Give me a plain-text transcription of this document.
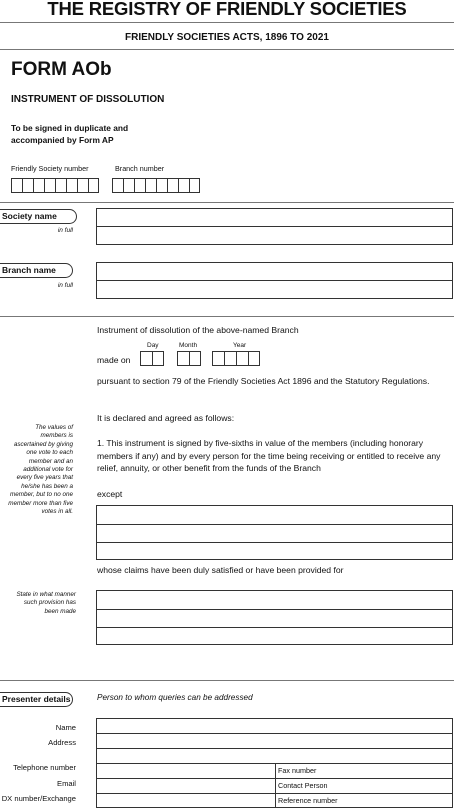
THE REGISTRY OF FRIENDLY SOCIETIES
FRIENDLY SOCIETIES ACTS, 1896 TO 2021
FORM AOb
INSTRUMENT OF DISSOLUTION
To be signed in duplicate and
accompanied by Form AP
Friendly Society number	Branch number
Society name
in full
Branch name
in full
Instrument of dissolution of the above-named Branch
Day	Month	Year
made on
pursuant to section 79 of the Friendly Societies Act 1896 and the Statutory Regulations.
It is declared and agreed as follows:
1. This instrument is signed by five-sixths in value of the members (including honorary
members if any) and by every person for the time being receiving or entitled to receive any
relief, annuity, or other benefit from the funds of the Branch
except
The values of
members is
ascertained by giving
one vote to each
member and an
additional vote for
every five years that
he/she has been a
member, but to no one
member more than five
votes in all.
whose claims have been duly satisfied or have been provided for
State in what manner
such provision has
been made
Presenter details	Person to whom queries can be addressed
Name
Address
Telephone number
Email
DX number/Exchange
Fax number
Contact Person
Reference number
